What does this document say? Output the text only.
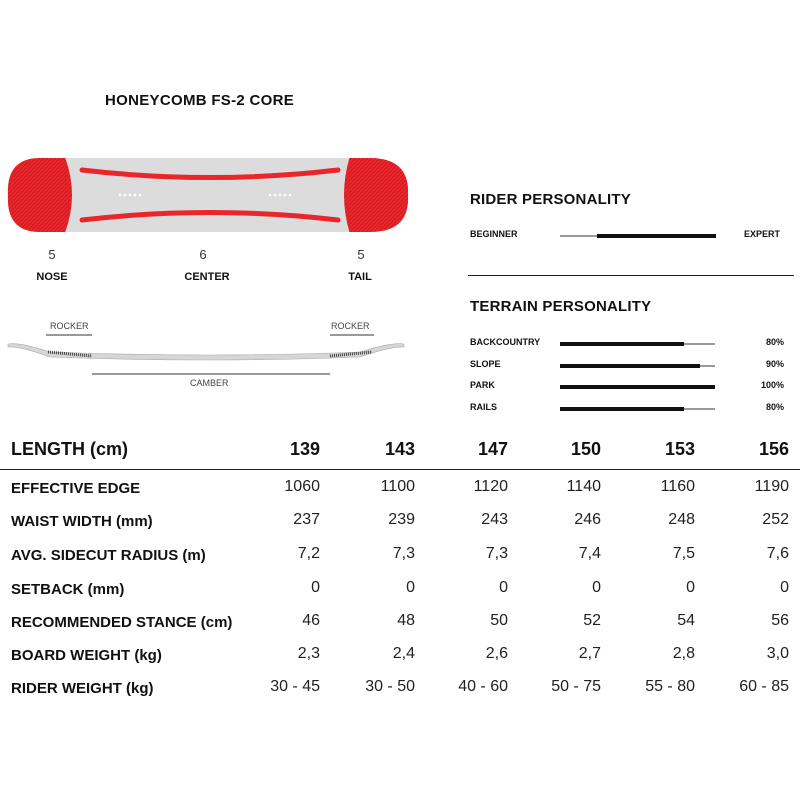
HONEYCOMB FS-2 CORE
5	6	5
NOSE	CENTER	TAIL
ROCKER	ROCKER
CAMBER
RIDER PERSONALITY
BEGINNER	EXPERT
TERRAIN PERSONALITY
BACKCOUNTRY	80%
SLOPE	90%
PARK	100%
RAILS	80%
LENGTH (cm)	139	143	147	150	153	156
EFFECTIVE EDGE	1060	1100	1120	1140	1160	1190
WAIST WIDTH (mm)	237	239	243	246	248	252
AVG. SIDECUT RADIUS (m)	7,2	7,3	7,3	7,4	7,5	7,6
SETBACK (mm)	0	0	0	0	0	0
RECOMMENDED STANCE (cm)	46	48	50	52	54	56
BOARD WEIGHT (kg)	2,3	2,4	2,6	2,7	2,8	3,0
RIDER WEIGHT (kg)	30 - 45	30 - 50	40 - 60	50 - 75	55 - 80	60 - 85
